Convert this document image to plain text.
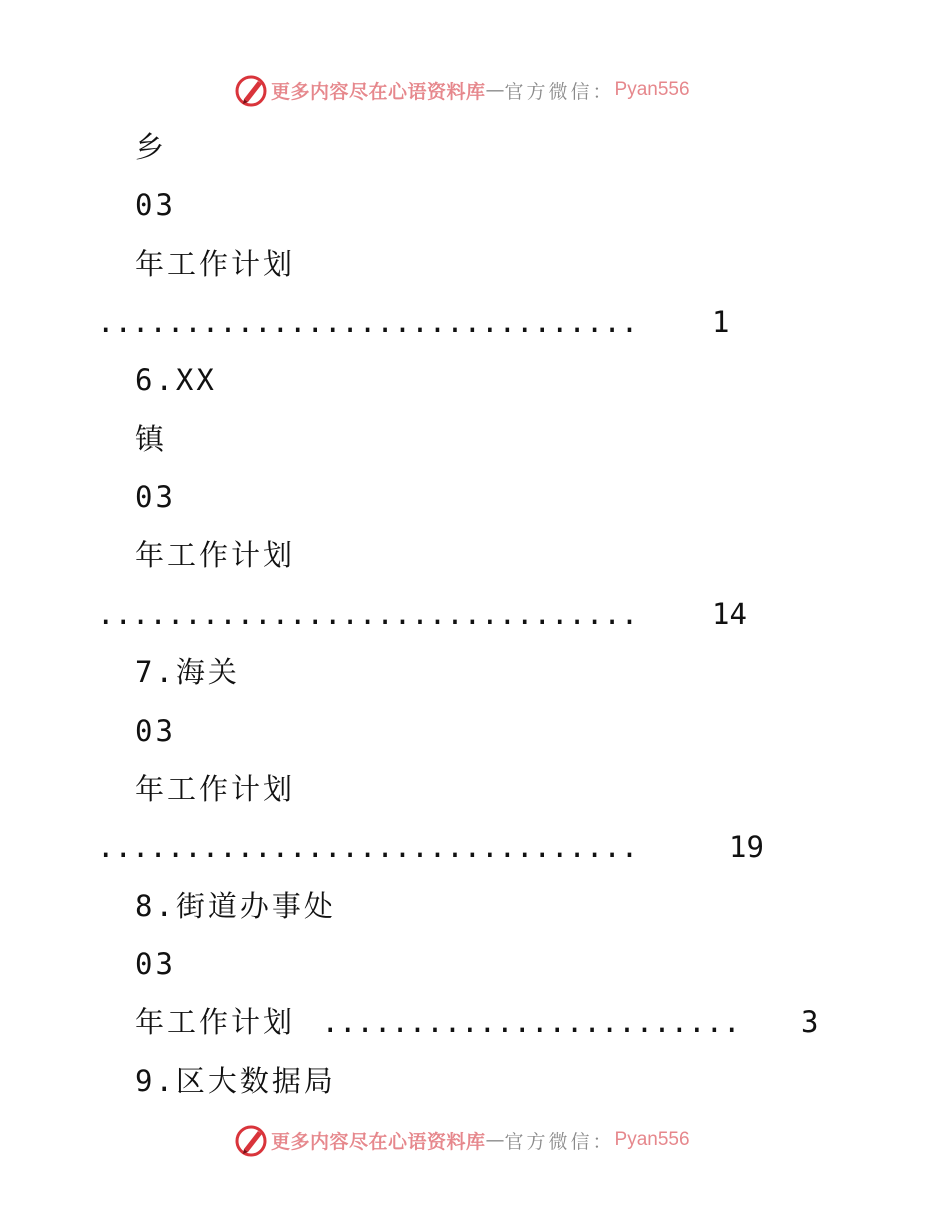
更多内容尽在心语资料库 — 官方微信： Pyan556
乡
03
年工作计划
...............................	1
6.XX
镇
03
年工作计划
...............................	14
7.海关
03
年工作计划
...............................	19
8.街道办事处
03
年工作计划 ........................ 3
9.区大数据局
更多内容尽在心语资料库 — 官方微信： Pyan556
